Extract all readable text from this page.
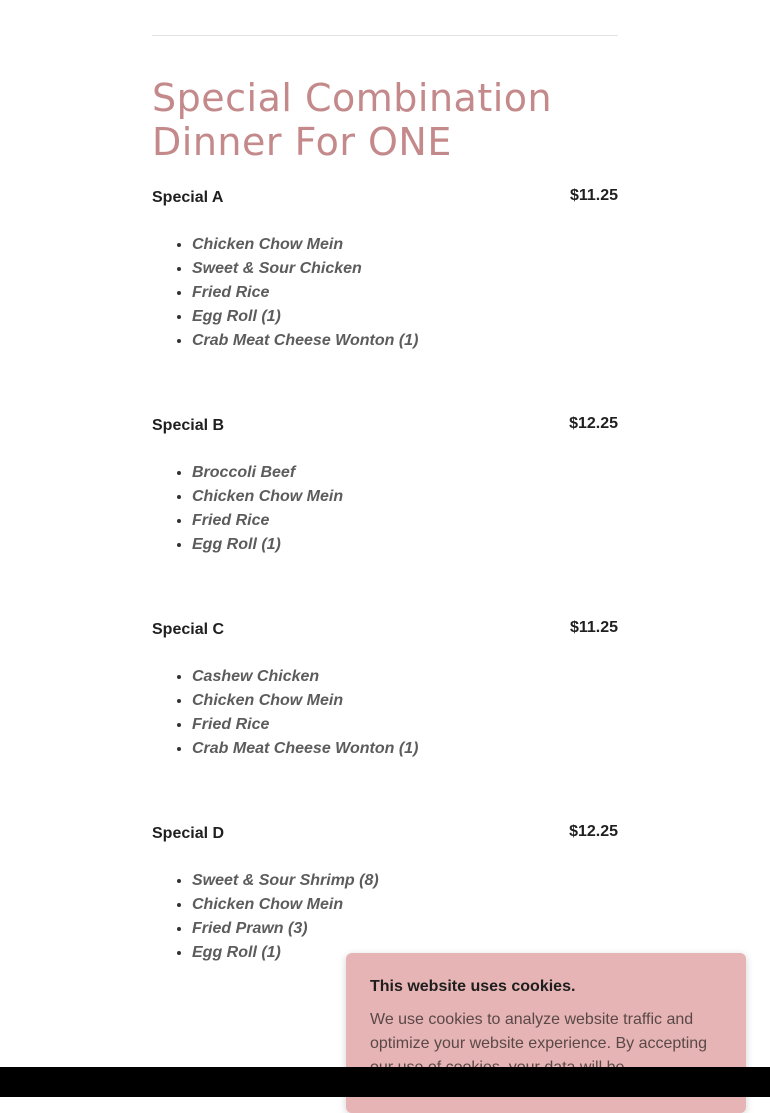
Special Combination Dinner For ONE
Special A	$11.25
• Chicken Chow Mein
• Sweet & Sour Chicken
• Fried Rice
• Egg Roll (1)
• Crab Meat Cheese Wonton (1)
Special B	$12.25
• Broccoli Beef
• Chicken Chow Mein
• Fried Rice
• Egg Roll (1)
Special C	$11.25
• Cashew Chicken
• Chicken Chow Mein
• Fried Rice
• Crab Meat Cheese Wonton (1)
Special D	$12.25
• Sweet & Sour Shrimp (8)
• Chicken Chow Mein
• Fried Prawn (3)
• Egg Roll (1)

This website uses cookies.

We use cookies to analyze website traffic and optimize your website experience. By accepting
